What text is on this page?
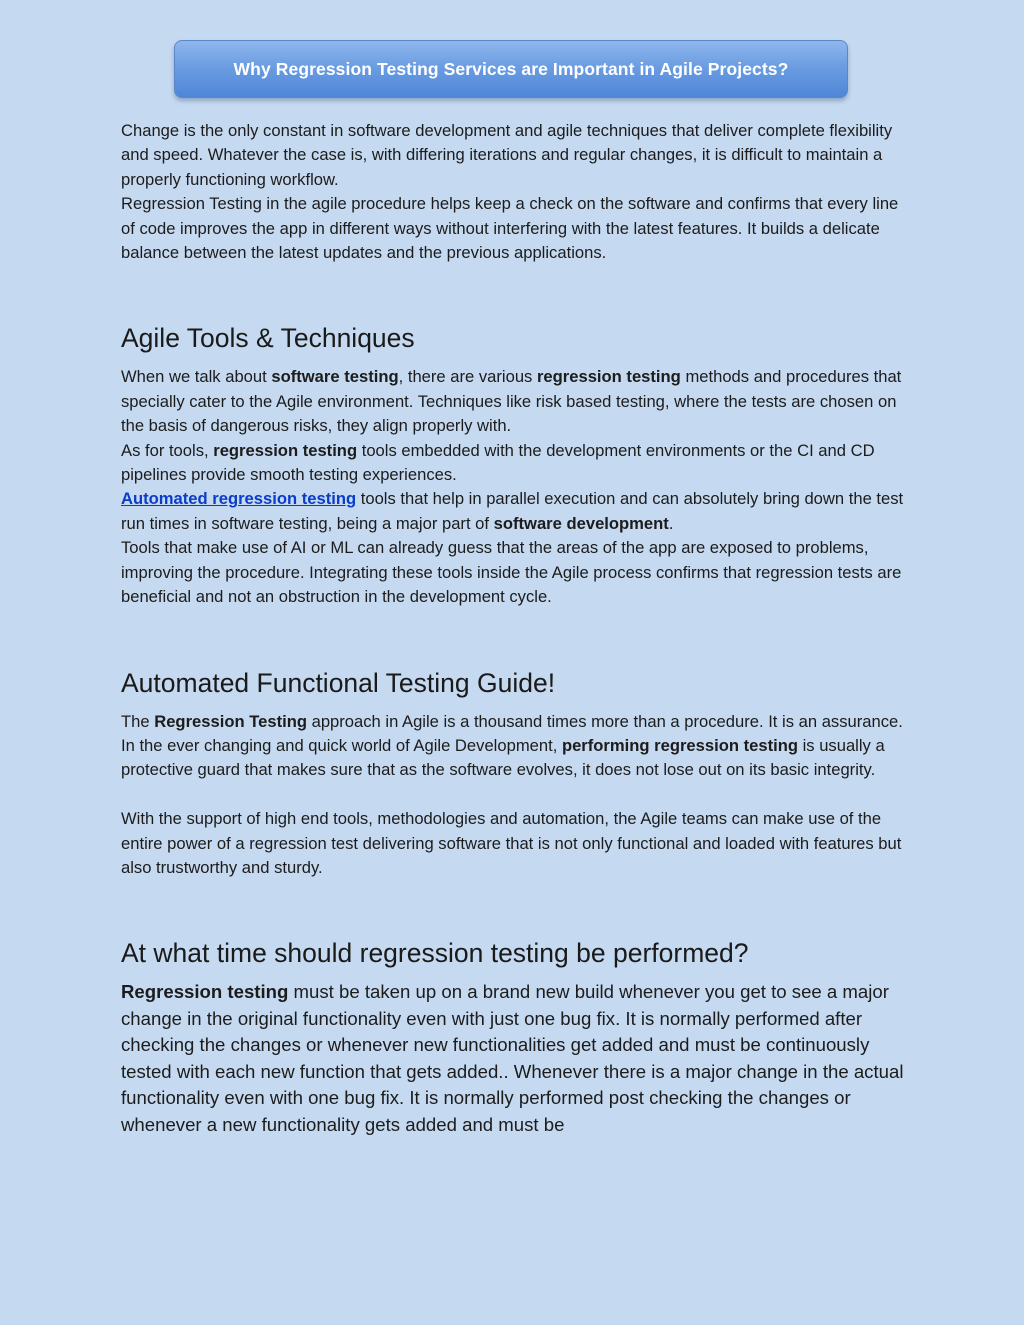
Why Regression Testing Services are Important in Agile Projects?

Change is the only constant in software development and agile techniques that deliver complete flexibility and speed. Whatever the case is, with differing iterations and regular changes, it is difficult to maintain a properly functioning workflow.

Regression Testing in the agile procedure helps keep a check on the software and confirms that every line of code improves the app in different ways without interfering with the latest features. It builds a delicate balance between the latest updates and the previous applications.

Agile Tools & Techniques

When we talk about software testing, there are various regression testing methods and procedures that specially cater to the Agile environment. Techniques like risk based testing, where the tests are chosen on the basis of dangerous risks, they align properly with.

As for tools, regression testing tools embedded with the development environments or the CI and CD pipelines provide smooth testing experiences.

Automated regression testing tools that help in parallel execution and can absolutely bring down the test run times in software testing, being a major part of software development.

Tools that make use of AI or ML can already guess that the areas of the app are exposed to problems, improving the procedure. Integrating these tools inside the Agile process confirms that regression tests are beneficial and not an obstruction in the development cycle.

Automated Functional Testing Guide!

The Regression Testing approach in Agile is a thousand times more than a procedure. It is an assurance.

In the ever changing and quick world of Agile Development, performing regression testing is usually a protective guard that makes sure that as the software evolves, it does not lose out on its basic integrity.

With the support of high end tools, methodologies and automation, the Agile teams can make use of the entire power of a regression test delivering software that is not only functional and loaded with features but also trustworthy and sturdy.

At what time should regression testing be performed?

Regression testing must be taken up on a brand new build whenever you get to see a major change in the original functionality even with just one bug fix. It is normally performed after checking the changes or whenever new functionalities get added and must be continuously tested with each new function that gets added.. Whenever there is a major change in the actual functionality even with one bug fix. It is normally performed post checking the changes or whenever a new functionality gets added and must be
